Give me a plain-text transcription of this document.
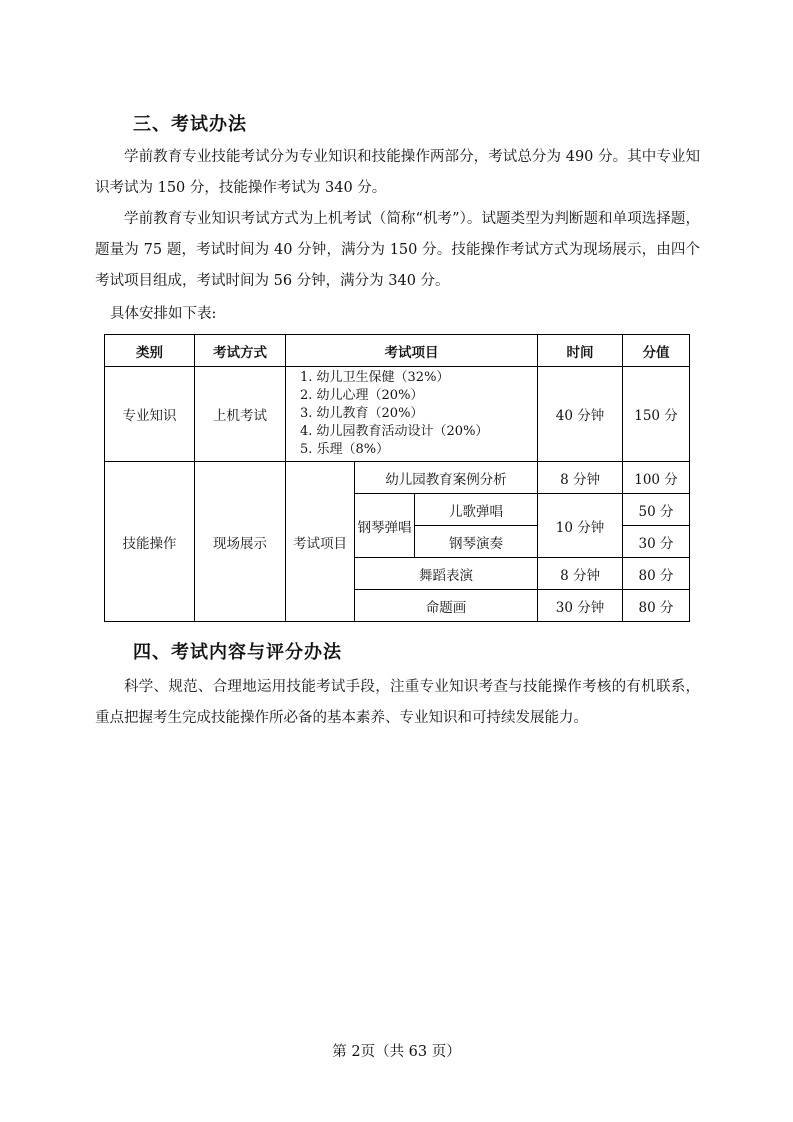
三、考试办法

学前教育专业技能考试分为专业知识和技能操作两部分，考试总分为 490 分。其中专业知识考试为 150 分，技能操作考试为 340 分。

学前教育专业知识考试方式为上机考试（简称“机考”）。试题类型为判断题和单项选择题，题量为 75 题，考试时间为 40 分钟，满分为 150 分。技能操作考试方式为现场展示，由四个考试项目组成，考试时间为 56 分钟，满分为 340 分。

具体安排如下表:
类别	考试方式	考试项目			时间	分值
专业知识	上机考试	1. 幼儿卫生保健（32%）
2. 幼儿心理（20%）
3. 幼儿教育（20%）
4. 幼儿园教育活动设计（20%）
5. 乐理（8%）			40 分钟	150 分
技能操作	现场展示	考试项目	幼儿园教育案例分析		8 分钟	100 分
			钢琴弹唱	儿歌弹唱	10 分钟	50 分
				钢琴演奏		30 分
			舞蹈表演		8 分钟	80 分
			命题画		30 分钟	80 分
四、考试内容与评分办法

科学、规范、合理地运用技能考试手段，注重专业知识考查与技能操作考核的有机联系，重点把握考生完成技能操作所必备的基本素养、专业知识和可持续发展能力。

第 2页（共 63 页）
